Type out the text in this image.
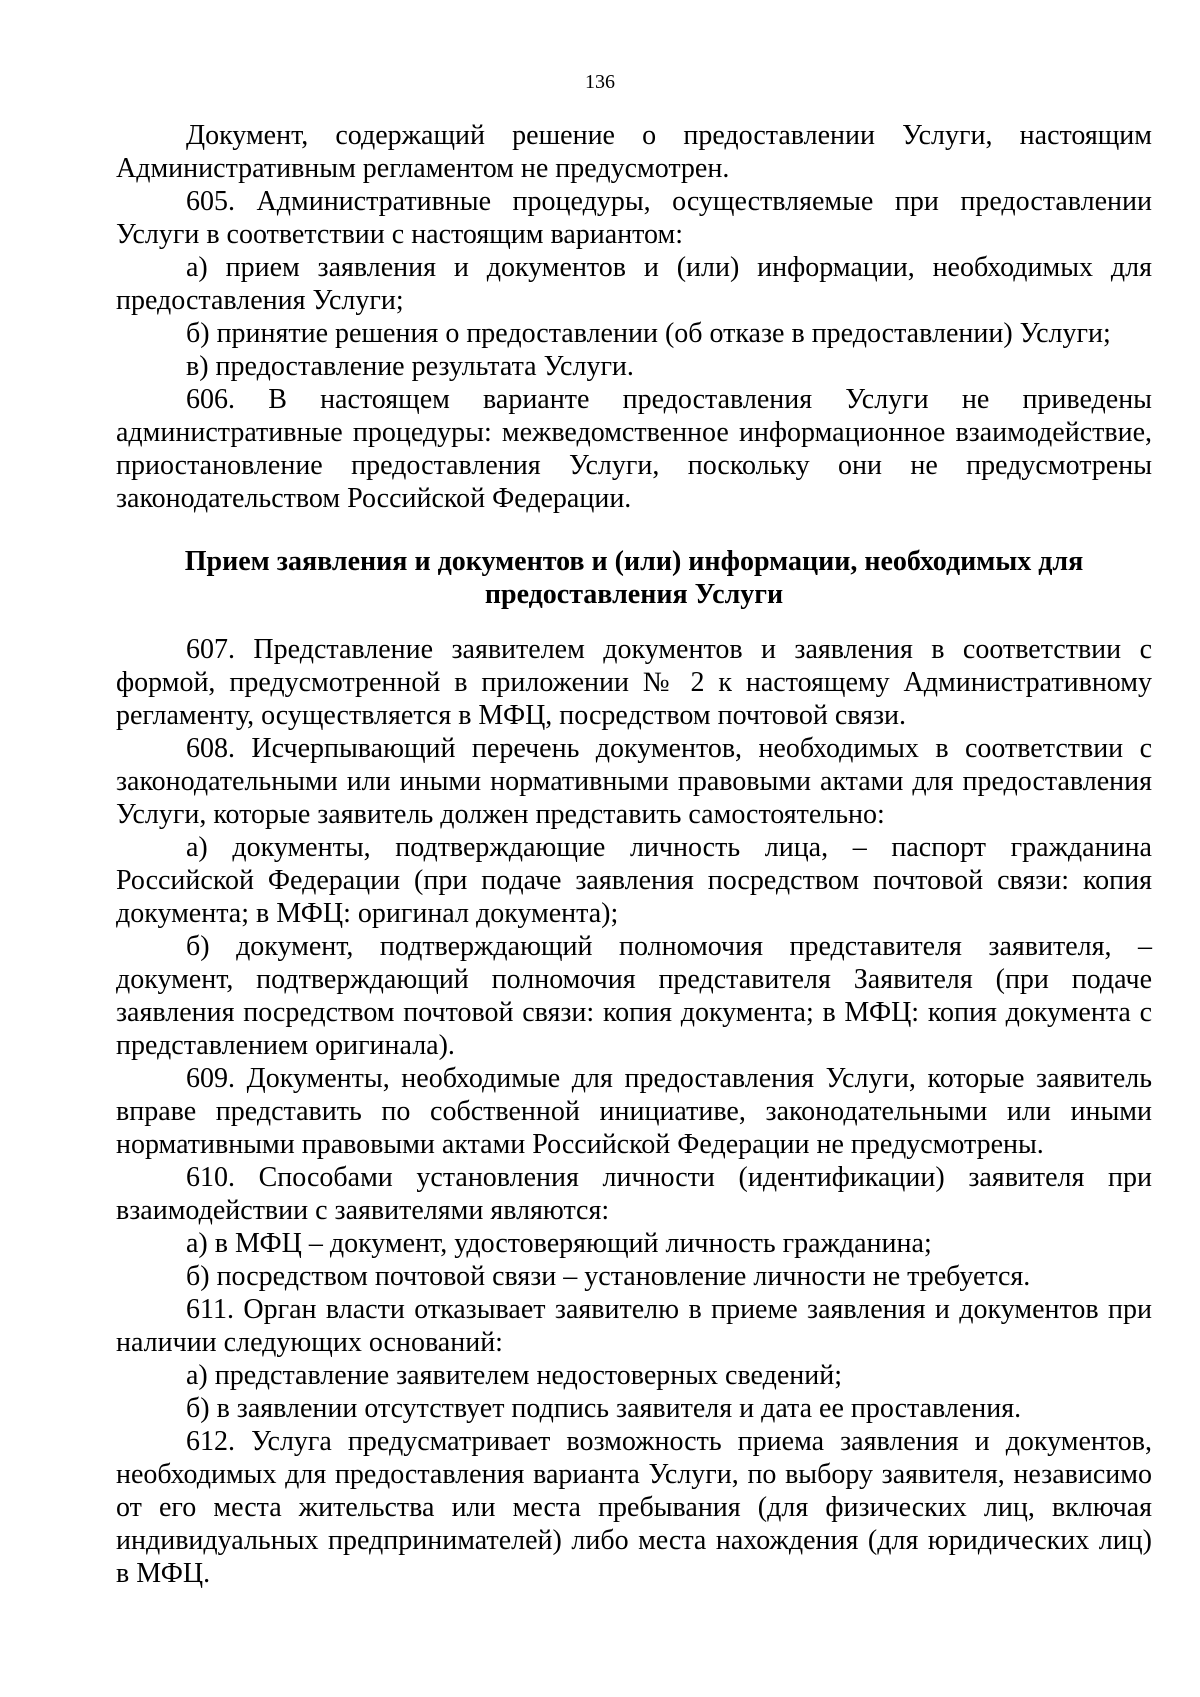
136

Документ, содержащий решение о предоставлении Услуги, настоящим Административным регламентом не предусмотрен.

605. Административные процедуры, осуществляемые при предоставлении Услуги в соответствии с настоящим вариантом:

а) прием заявления и документов и (или) информации, необходимых для предоставления Услуги;

б) принятие решения о предоставлении (об отказе в предоставлении) Услуги;

в) предоставление результата Услуги.

606. В настоящем варианте предоставления Услуги не приведены административные процедуры: межведомственное информационное взаимодействие, приостановление предоставления Услуги, поскольку они не предусмотрены законодательством Российской Федерации.

Прием заявления и документов и (или) информации, необходимых для предоставления Услуги

607. Представление заявителем документов и заявления в соответствии с формой, предусмотренной в приложении № 2 к настоящему Административному регламенту, осуществляется в МФЦ, посредством почтовой связи.

608. Исчерпывающий перечень документов, необходимых в соответствии с законодательными или иными нормативными правовыми актами для предоставления Услуги, которые заявитель должен представить самостоятельно:

а) документы, подтверждающие личность лица, – паспорт гражданина Российской Федерации (при подаче заявления посредством почтовой связи: копия документа; в МФЦ: оригинал документа);

б) документ, подтверждающий полномочия представителя заявителя, – документ, подтверждающий полномочия представителя Заявителя (при подаче заявления посредством почтовой связи: копия документа; в МФЦ: копия документа с представлением оригинала).

609. Документы, необходимые для предоставления Услуги, которые заявитель вправе представить по собственной инициативе, законодательными или иными нормативными правовыми актами Российской Федерации не предусмотрены.

610. Способами установления личности (идентификации) заявителя при взаимодействии с заявителями являются:

а) в МФЦ – документ, удостоверяющий личность гражданина;

б) посредством почтовой связи – установление личности не требуется.

611. Орган власти отказывает заявителю в приеме заявления и документов при наличии следующих оснований:

а) представление заявителем недостоверных сведений;

б) в заявлении отсутствует подпись заявителя и дата ее проставления.

612. Услуга предусматривает возможность приема заявления и документов, необходимых для предоставления варианта Услуги, по выбору заявителя, независимо от его места жительства или места пребывания (для физических лиц, включая индивидуальных предпринимателей) либо места нахождения (для юридических лиц) в МФЦ.
